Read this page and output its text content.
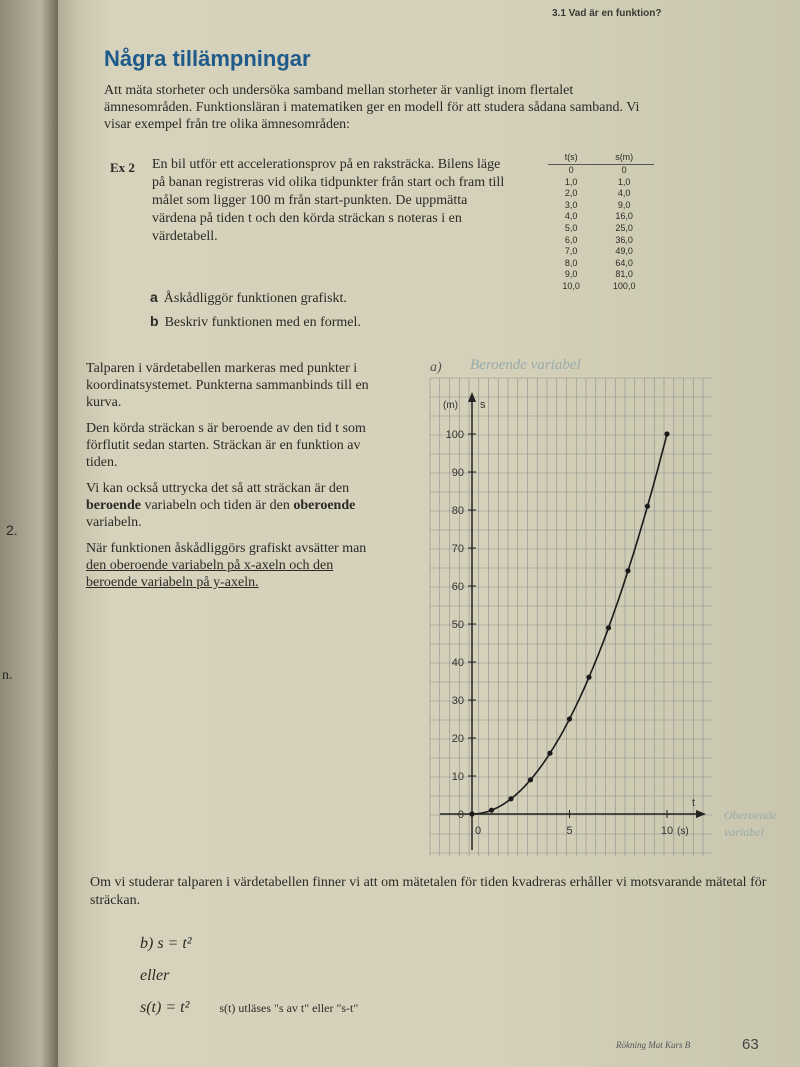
3.1 Vad är en funktion?
Några tillämpningar
Att mäta storheter och undersöka samband mellan storheter är vanligt inom flertalet ämnesområden. Funktionsläran i matematiken ger en modell för att studera sådana samband. Vi visar exempel från tre olika ämnesområden:
Ex 2 En bil utför ett accelerationsprov på en raksträcka. Bilens läge på banan registreras vid olika tidpunkter från start och fram till målet som ligger 100 m från start-punkten. De uppmätta värdena på tiden t och den körda sträckan s noteras i en värdetabell.
a Åskådliggör funktionen grafiskt.
b Beskriv funktionen med en formel.
t(s)	s(m)
0	0
1,0	1,0
2,0	4,0
3,0	9,0
4,0	16,0
5,0	25,0
6,0	36,0
7,0	49,0
8,0	64,0
9,0	81,0
10,0	100,0
2.
n.

Talparen i värdetabellen markeras med punkter i koordinatsystemet. Punkterna sammanbinds till en kurva.

Den körda sträckan s är beroende av den tid t som förflutit sedan starten. Sträckan är en funktion av tiden.

Vi kan också uttrycka det så att sträckan är den beroende variabeln och tiden är den oberoende variabeln.

När funktionen åskådliggörs grafiskt avsätter man den oberoende variabeln på x-axeln och den beroende variabeln på y-axeln.

a) Beroende variabel
Oberoende
variabel
0
10
20
30
40
50
60
70
80
90
100
0	5	10
s
(m)
t
(s)
Om vi studerar talparen i värdetabellen finner vi att om mätetalen för tiden kvadreras erhåller vi motsvarande mätetal för sträckan.
b) s = t²
eller
s(t) = t²	s(t) utläses "s av t" eller "s-t"
Rökning Mat Kurs B	63
